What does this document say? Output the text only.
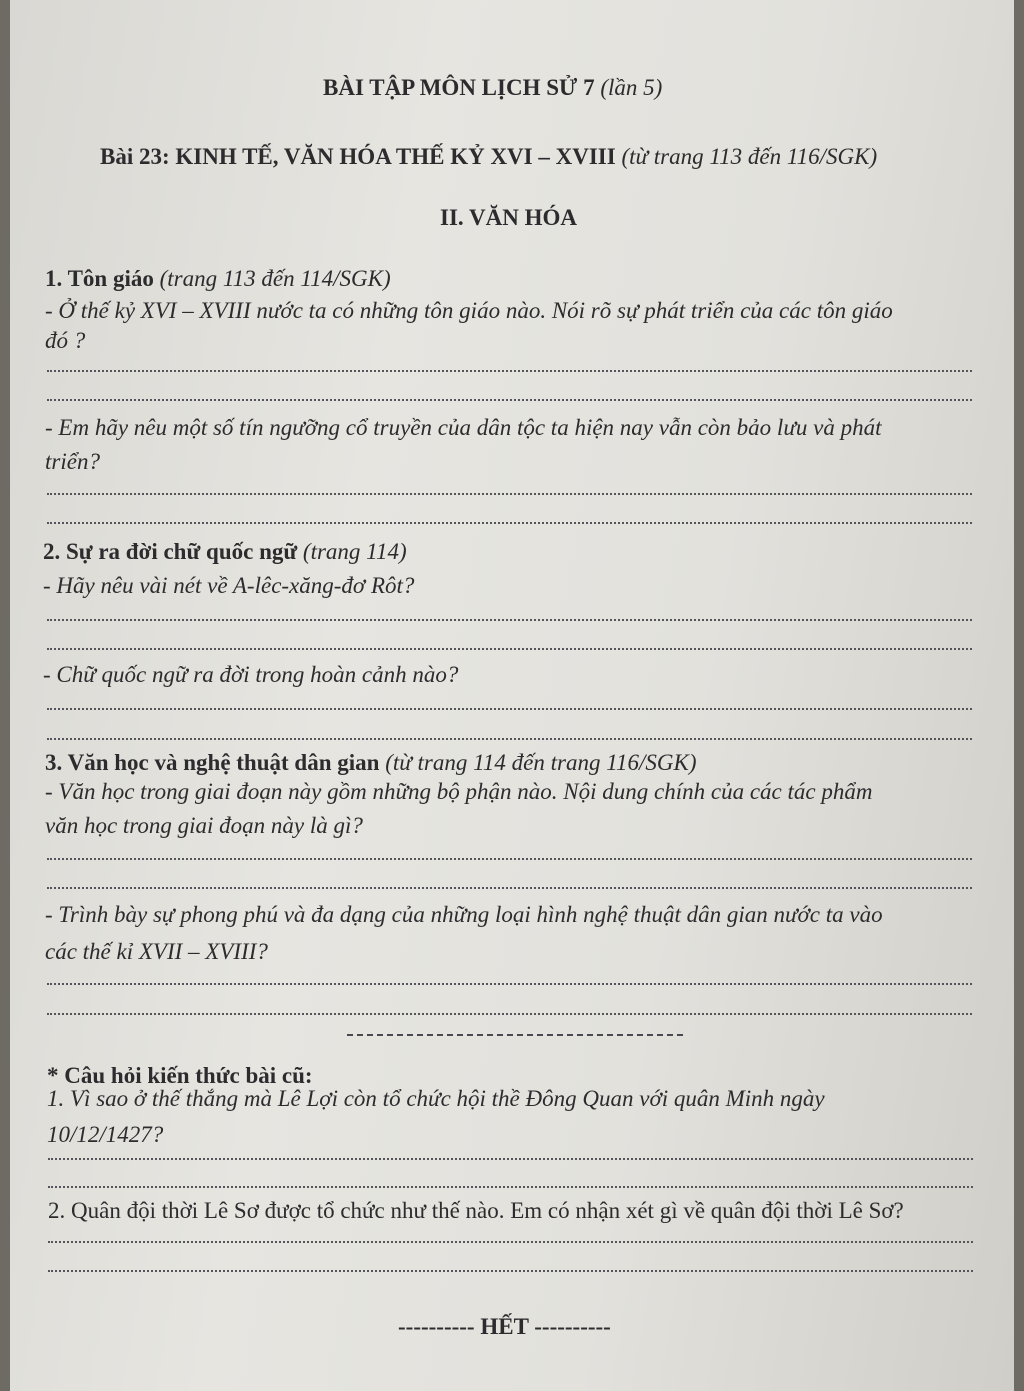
BÀI TẬP MÔN LỊCH SỬ 7 (lần 5)
Bài 23: KINH TẾ, VĂN HÓA THẾ KỶ XVI – XVIII (từ trang 113 đến 116/SGK)
II. VĂN HÓA
1. Tôn giáo (trang 113 đến 114/SGK)
- Ở thế kỷ XVI – XVIII nước ta có những tôn giáo nào. Nói rõ sự phát triển của các tôn giáo
đó ?
- Em hãy nêu một số tín ngưỡng cổ truyền của dân tộc ta hiện nay vẫn còn bảo lưu và phát
triển?
2. Sự ra đời chữ quốc ngữ (trang 114)
- Hãy nêu vài nét về A-lêc-xăng-đơ Rôt?
- Chữ quốc ngữ ra đời trong hoàn cảnh nào?
3. Văn học và nghệ thuật dân gian (từ trang 114 đến trang 116/SGK)
- Văn học trong giai đoạn này gồm những bộ phận nào. Nội dung chính của các tác phẩm
văn học trong giai đoạn này là gì?
- Trình bày sự phong phú và đa dạng của những loại hình nghệ thuật dân gian nước ta vào
các thế kỉ XVII – XVIII?
* Câu hỏi kiến thức bài cũ:
1. Vì sao ở thế thắng mà Lê Lợi còn tổ chức hội thề Đông Quan với quân Minh ngày
10/12/1427?
2. Quân đội thời Lê Sơ được tổ chức như thế nào. Em có nhận xét gì về quân đội thời Lê Sơ?
---------- HẾT ----------
